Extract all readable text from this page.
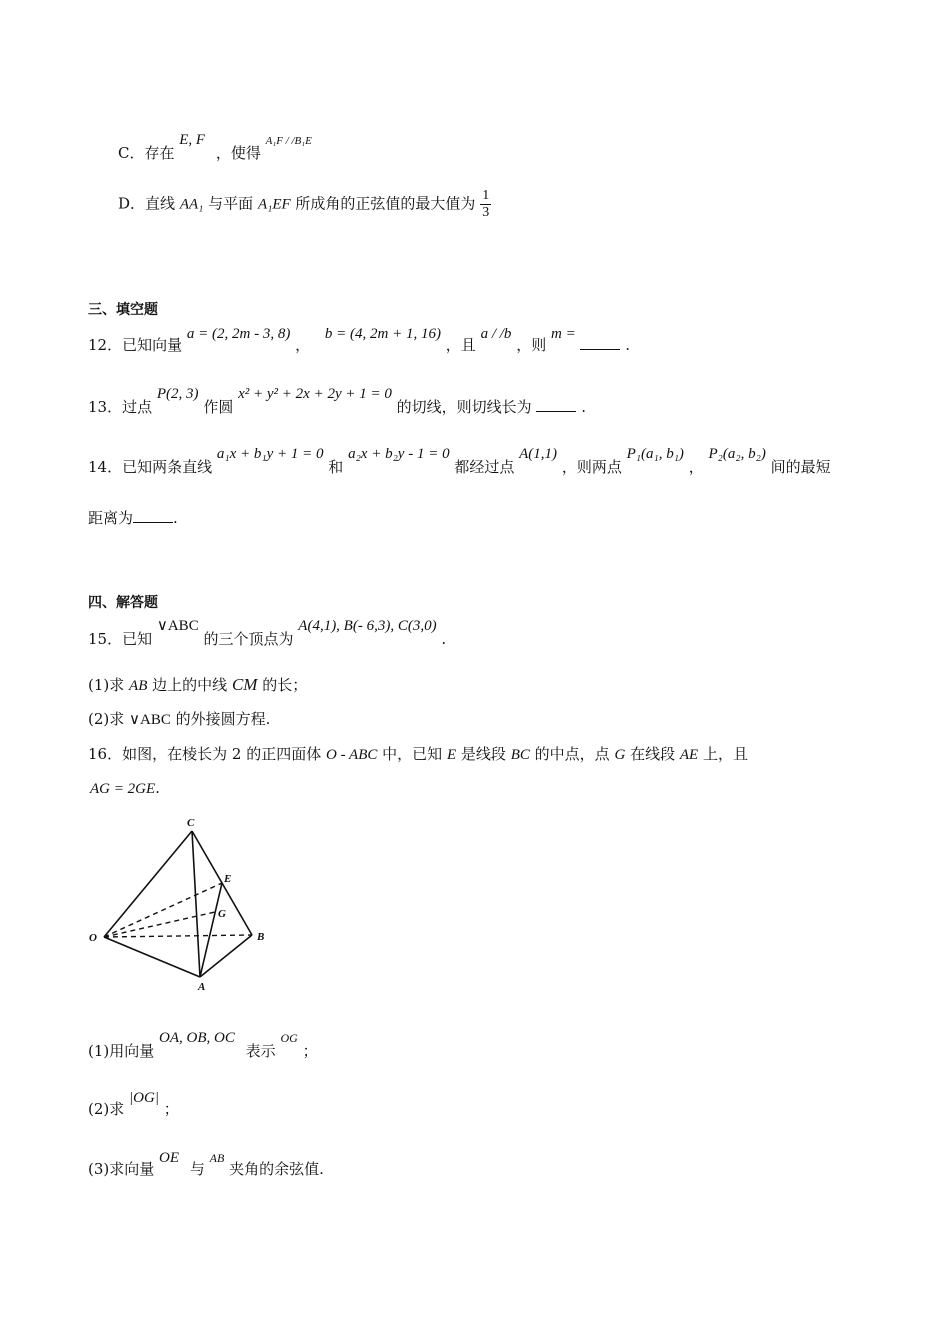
C．存在 E, F ，使得 A₁F / /B₁E
D．直线 AA₁ 与平面 A₁EF 所成角的正弦值的最大值为 $\frac{1}{3}$
三、填空题
12．已知向量 a = (2, 2m - 3, 8) ， b = (4, 2m + 1, 16) ，且 a / /b ，则 m =  .
13．过点 P(2, 3) 作圆 x² + y² + 2x + 2y + 1 = 0 的切线，则切线长为	.
14．已知两条直线 a₁x + b₁y + 1 = 0 和 a₂x + b₂y - 1 = 0 都经过点 A(1,1) ，则两点 P₁(a₁, b₁) ， P₂(a₂, b₂) 间的最短
距离为	.
四、解答题
15．已知 ∨ABC 的三个顶点为 A(4,1), B(- 6,3), C(3,0) .
(1)求 AB 边上的中线 CM 的长；
(2)求 ∨ABC 的外接圆方程.
16．如图，在棱长为 2 的正四面体 O - ABC 中，已知 E 是线段 BC 的中点，点 G 在线段 AE 上，且
AG = 2GE.
C
E
G
O	B
A
(1)用向量 OA, OB, OC 表示 OG ；
(2)求 |OG| ；
(3)求向量 OE 与 AB 夹角的余弦值.
